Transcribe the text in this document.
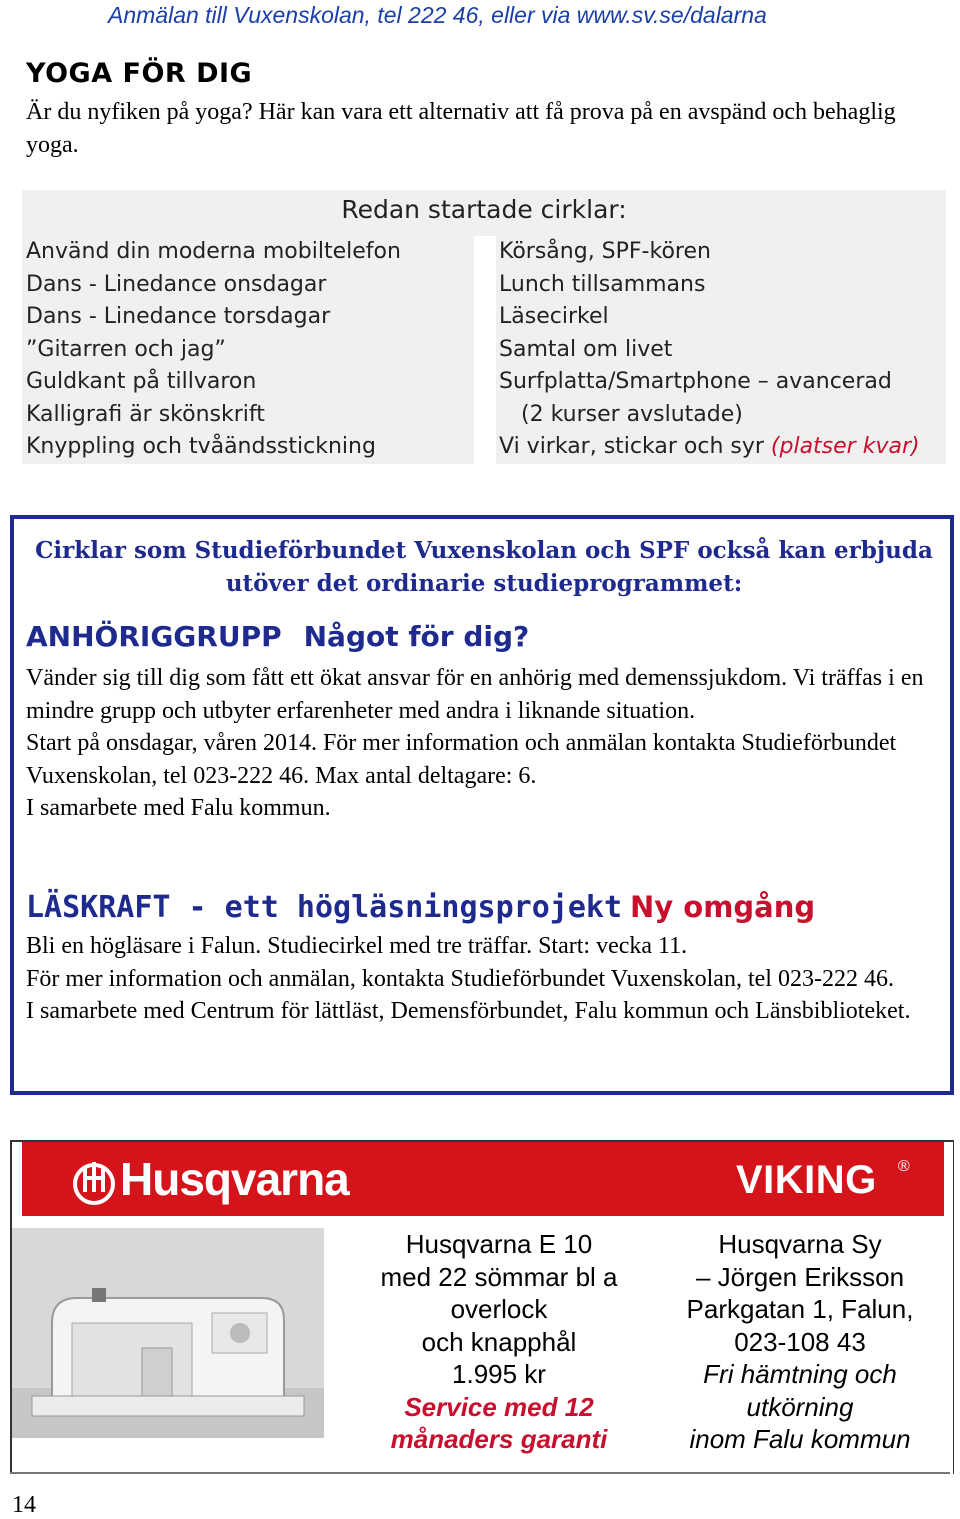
Anmälan till Vuxenskolan, tel 222 46, eller via www.sv.se/dalarna
YOGA FÖR DIG
Är du nyfiken på yoga? Här kan vara ett alternativ att få prova på en avspänd och behaglig yoga.
Redan startade cirklar:
Använd din moderna mobiltelefon
Dans - Linedance onsdagar
Dans - Linedance torsdagar
”Gitarren och jag”
Guldkant på tillvaron
Kalligrafi är skönskrift
Knyppling och tvåändsstickning
Körsång, SPF-kören
Lunch tillsammans
Läsecirkel
Samtal om livet
Surfplatta/Smartphone – avancerad
(2 kurser avslutade)
Vi virkar, stickar och syr (platser kvar)
Cirklar som Studieförbundet Vuxenskolan och SPF också kan erbjuda utöver det ordinarie studieprogrammet:
ANHÖRIGGRUPP Något för dig?

Vänder sig till dig som fått ett ökat ansvar för en anhörig med demenssjukdom. Vi träffas i en mindre grupp och utbyter erfarenheter med andra i liknande situation.

Start på onsdagar, våren 2014. För mer information och anmälan kontakta Studieförbundet Vuxenskolan, tel 023-222 46. Max antal deltagare: 6.

I samarbete med Falu kommun.

LÄSKRAFT - ett högläsningsprojekt Ny omgång

Bli en högläsare i Falun. Studiecirkel med tre träffar. Start: vecka 11.

För mer information och anmälan, kontakta Studieförbundet Vuxenskolan, tel 023-222 46.

I samarbete med Centrum för lättläst, Demensförbundet, Falu kommun och Länsbiblioteket.

Husqvarna	VIKING ®
Husqvarna E 10
med 22 sömmar bl a
overlock
och knapphål
1.995 kr
Service med 12
månaders garanti
Husqvarna Sy
– Jörgen Eriksson
Parkgatan 1, Falun,
023-108 43
Fri hämtning och
utkörning
inom Falu kommun
14
